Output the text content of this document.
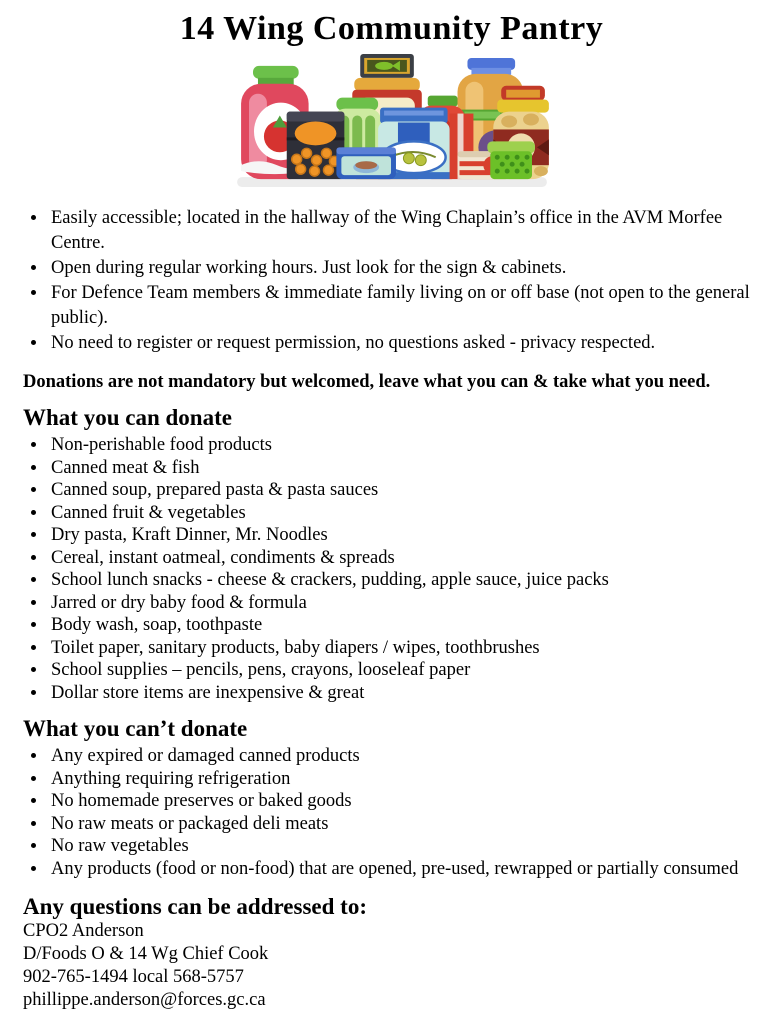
14 Wing Community Pantry
• Easily accessible; located in the hallway of the Wing Chaplain’s office in the AVM Morfee Centre.
• Open during regular working hours. Just look for the sign & cabinets.
• For Defence Team members & immediate family living on or off base (not open to the general public).
• No need to register or request permission, no questions asked - privacy respected.

Donations are not mandatory but welcomed, leave what you can & take what you need.

What you can donate
• Non-perishable food products
• Canned meat & fish
• Canned soup, prepared pasta & pasta sauces
• Canned fruit & vegetables
• Dry pasta, Kraft Dinner, Mr. Noodles
• Cereal, instant oatmeal, condiments & spreads
• School lunch snacks - cheese & crackers, pudding, apple sauce, juice packs
• Jarred or dry baby food & formula
• Body wash, soap, toothpaste
• Toilet paper, sanitary products, baby diapers / wipes, toothbrushes
• School supplies – pencils, pens, crayons, looseleaf paper
• Dollar store items are inexpensive & great
What you can’t donate
• Any expired or damaged canned products
• Anything requiring refrigeration
• No homemade preserves or baked goods
• No raw meats or packaged deli meats
• No raw vegetables
• Any products (food or non-food) that are opened, pre-used, rewrapped or partially consumed
Any questions can be addressed to:

CPO2 Anderson

D/Foods O & 14 Wg Chief Cook

902-765-1494 local 568-5757

phillippe.anderson@forces.gc.ca
